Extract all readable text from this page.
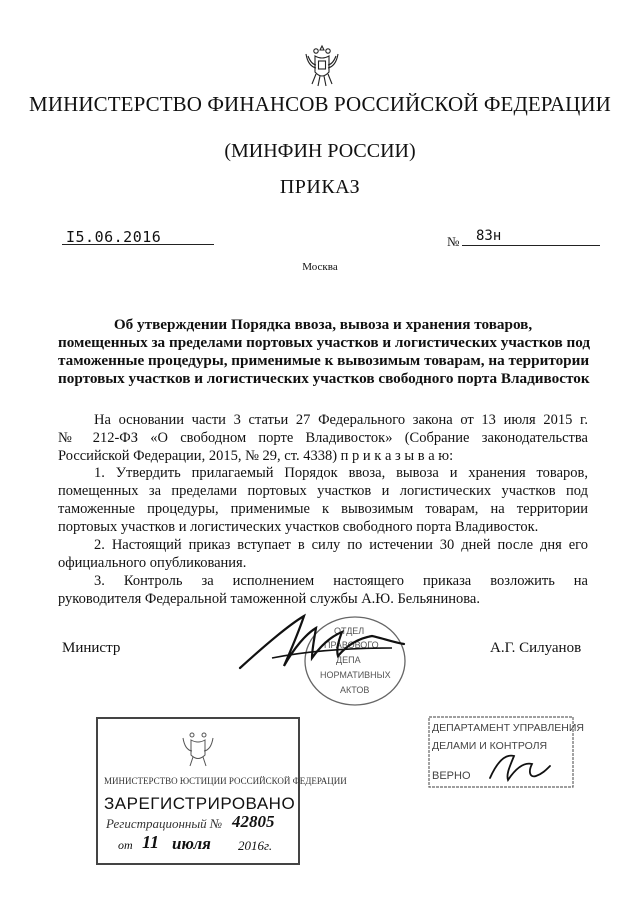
МИНИСТЕРСТВО ФИНАНСОВ РОССИЙСКОЙ ФЕДЕРАЦИИ
(МИНФИН РОССИИ)
ПРИКАЗ
I5.06.2016	№ 83н
Москва
Об утверждении Порядка ввоза, вывоза и хранения товаров,
помещенных за пределами портовых участков и логистических участков под
таможенные процедуры, применимые к вывозимым товарам, на территории
портовых участков и логистических участков свободного порта Владивосток
На основании части 3 статьи 27 Федерального закона от 13 июля 2015 г.
№ 212-ФЗ «О свободном порте Владивосток» (Собрание законодательства
Российской Федерации, 2015, № 29, ст. 4338) п р и к а з ы в а ю:
1. Утвердить прилагаемый Порядок ввоза, вывоза и хранения товаров,
помещенных за пределами портовых участков и логистических участков под
таможенные процедуры, применимые к вывозимым товарам, на территории
портовых участков и логистических участков свободного порта Владивосток.
2. Настоящий приказ вступает в силу по истечении 30 дней после дня его
официального опубликования.
3. Контроль за исполнением настоящего приказа возложить на
руководителя Федеральной таможенной службы А.Ю. Бельянинова.
Министр	А.Г. Силуанов
ОТДЕЛ
ПРАВОВОГО
ДЕПА
НОРМАТИВНЫХ
АКТОВ
МИНИСТЕРСТВО ЮСТИЦИИ РОССИЙСКОЙ ФЕДЕРАЦИИ
ЗАРЕГИСТРИРОВАНО
Регистрационный № 42805
от 11 июля 2016г.
ДЕПАРТАМЕНТ УПРАВЛЕНИЯ
ДЕЛАМИ И КОНТРОЛЯ
ВЕРНО
